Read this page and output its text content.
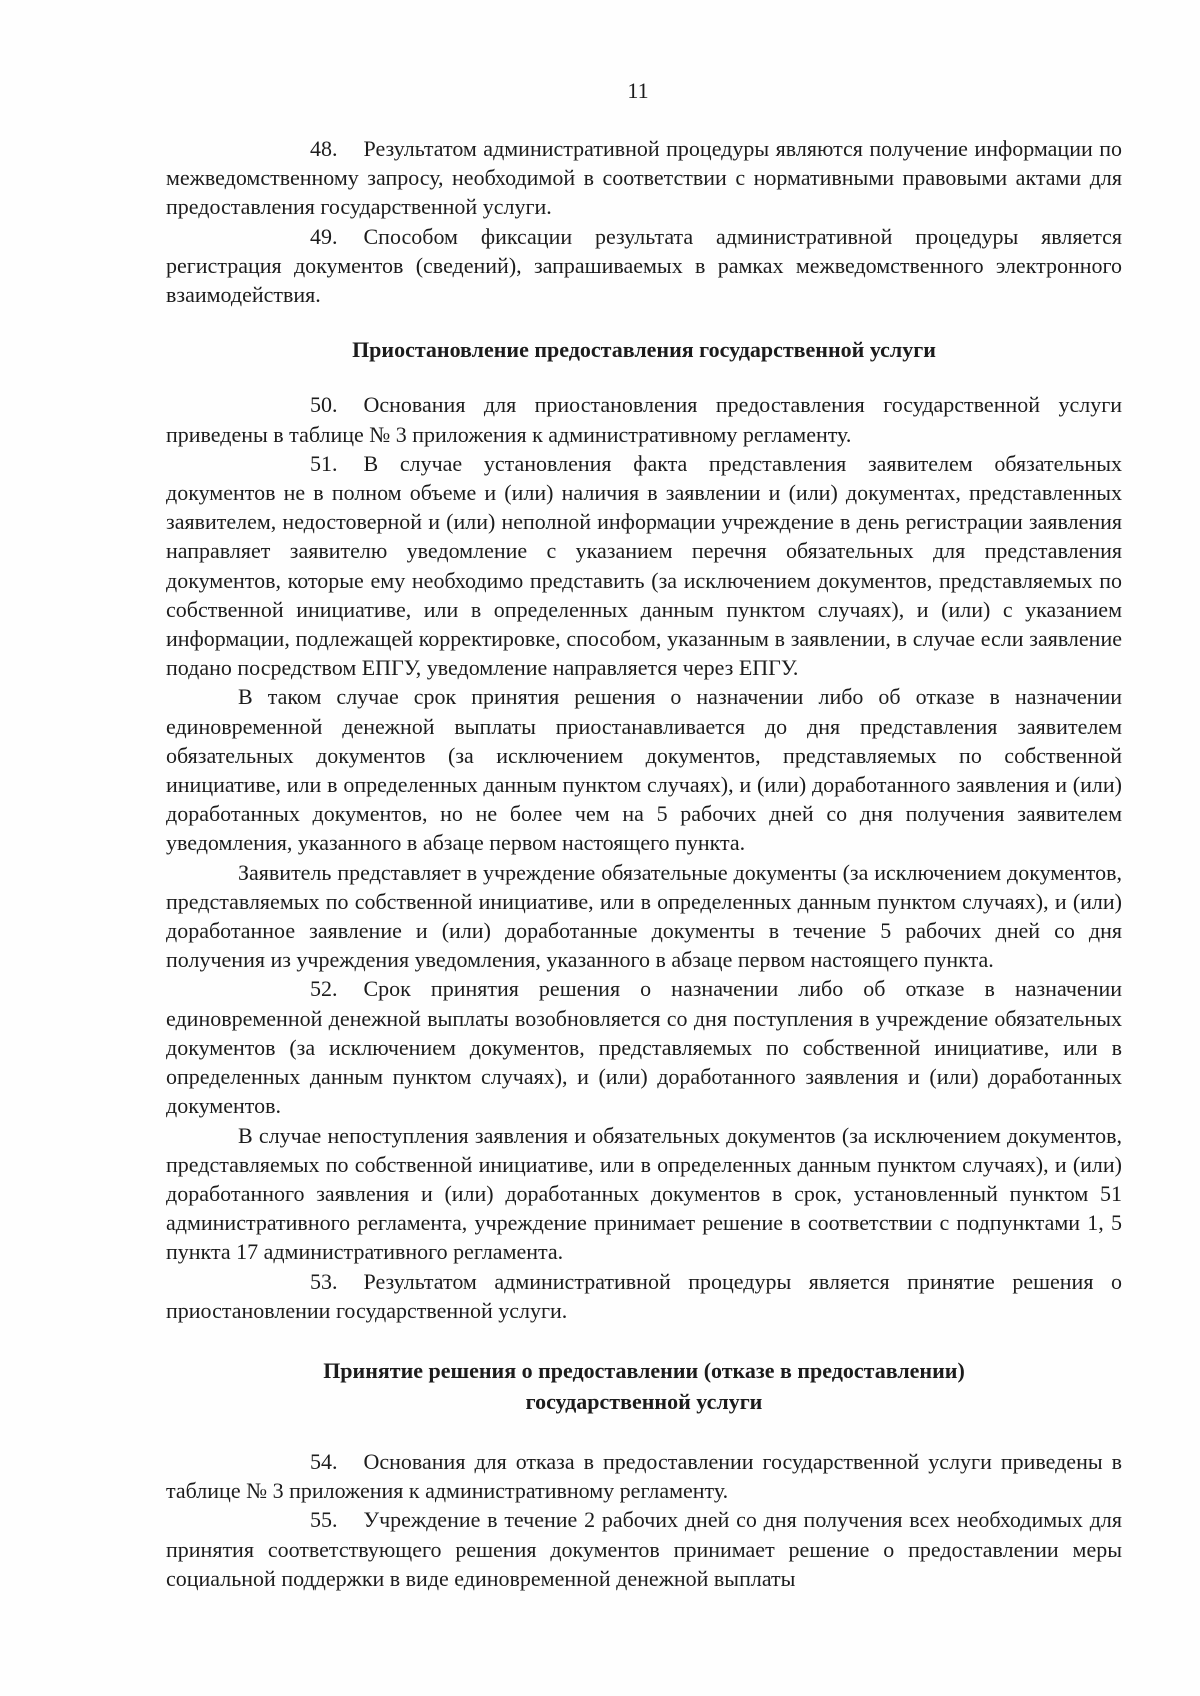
11

48. Результатом административной процедуры являются получение информации по межведомственному запросу, необходимой в соответствии с нормативными правовыми актами для предоставления государственной услуги.

49. Способом фиксации результата административной процедуры является регистрация документов (сведений), запрашиваемых в рамках межведомственного электронного взаимодействия.

Приостановление предоставления государственной услуги

50. Основания для приостановления предоставления государственной услуги приведены в таблице № 3 приложения к административному регламенту.

51. В случае установления факта представления заявителем обязательных документов не в полном объеме и (или) наличия в заявлении и (или) документах, представленных заявителем, недостоверной и (или) неполной информации учреждение в день регистрации заявления направляет заявителю уведомление с указанием перечня обязательных для представления документов, которые ему необходимо представить (за исключением документов, представляемых по собственной инициативе, или в определенных данным пунктом случаях), и (или) с указанием информации, подлежащей корректировке, способом, указанным в заявлении, в случае если заявление подано посредством ЕПГУ, уведомление направляется через ЕПГУ.

В таком случае срок принятия решения о назначении либо об отказе в назначении единовременной денежной выплаты приостанавливается до дня представления заявителем обязательных документов (за исключением документов, представляемых по собственной инициативе, или в определенных данным пунктом случаях), и (или) доработанного заявления и (или) доработанных документов, но не более чем на 5 рабочих дней со дня получения заявителем уведомления, указанного в абзаце первом настоящего пункта.

Заявитель представляет в учреждение обязательные документы (за исключением документов, представляемых по собственной инициативе, или в определенных данным пунктом случаях), и (или) доработанное заявление и (или) доработанные документы в течение 5 рабочих дней со дня получения из учреждения уведомления, указанного в абзаце первом настоящего пункта.

52. Срок принятия решения о назначении либо об отказе в назначении единовременной денежной выплаты возобновляется со дня поступления в учреждение обязательных документов (за исключением документов, представляемых по собственной инициативе, или в определенных данным пунктом случаях), и (или) доработанного заявления и (или) доработанных документов.

В случае непоступления заявления и обязательных документов (за исключением документов, представляемых по собственной инициативе, или в определенных данным пунктом случаях), и (или) доработанного заявления и (или) доработанных документов в срок, установленный пунктом 51 административного регламента, учреждение принимает решение в соответствии с подпунктами 1, 5 пункта 17 административного регламента.

53. Результатом административной процедуры является принятие решения о приостановлении государственной услуги.

Принятие решения о предоставлении (отказе в предоставлении)
государственной услуги

54. Основания для отказа в предоставлении государственной услуги приведены в таблице № 3 приложения к административному регламенту.

55. Учреждение в течение 2 рабочих дней со дня получения всех необходимых для принятия соответствующего решения документов принимает решение о предоставлении меры социальной поддержки в виде единовременной денежной выплаты
